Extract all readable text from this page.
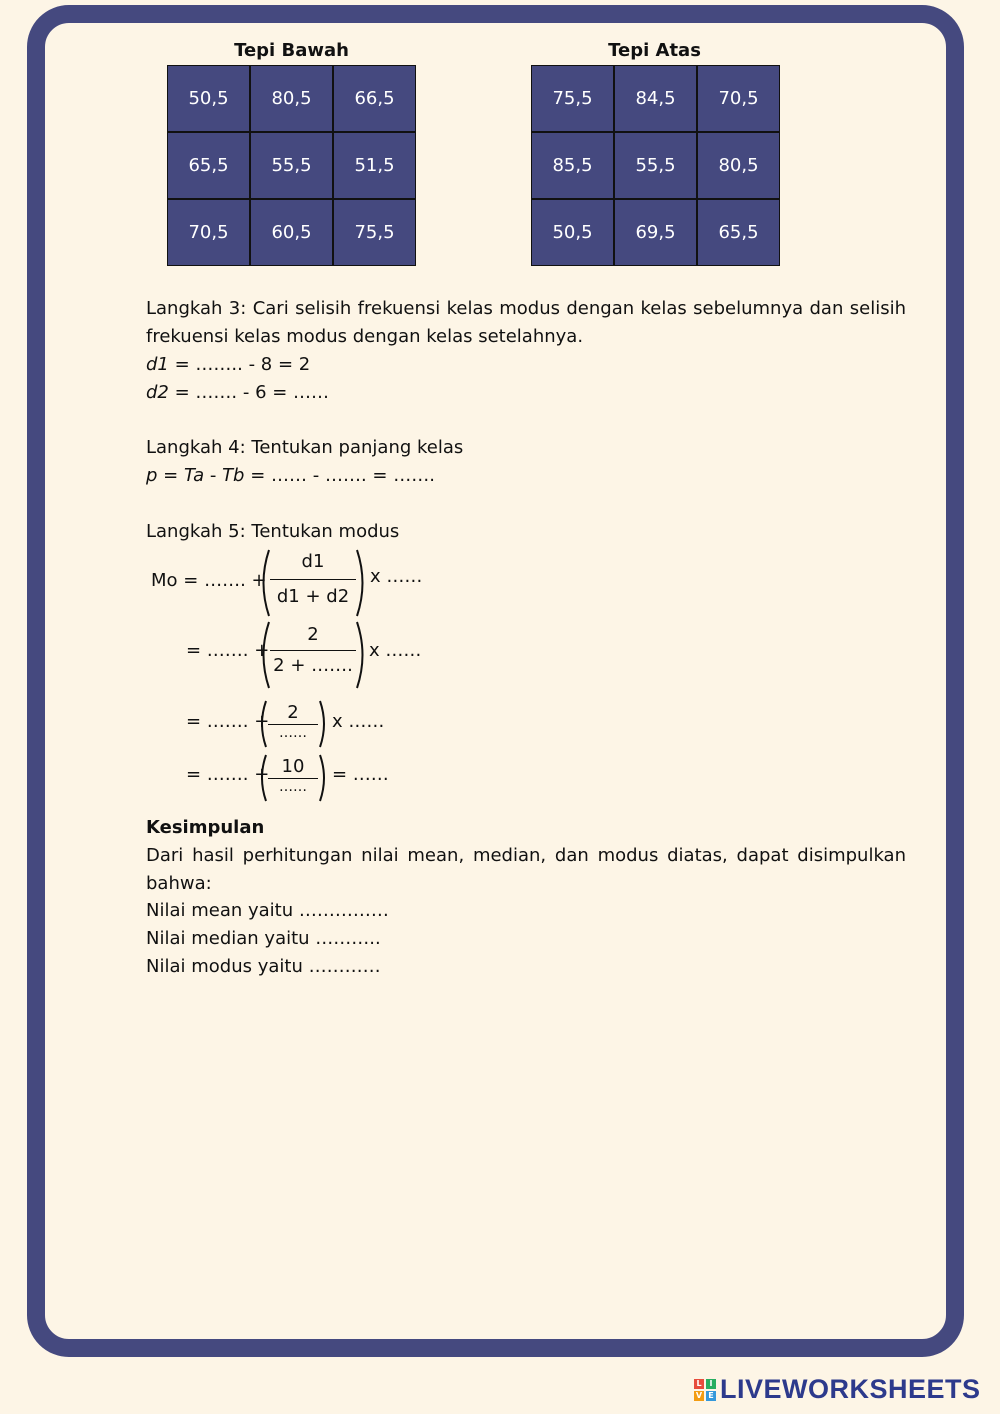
Tepi Bawah
50,5	80,5	66,5
65,5	55,5	51,5
70,5	60,5	75,5
Tepi Atas
75,5	84,5	70,5
85,5	55,5	80,5
50,5	69,5	65,5
Langkah 3: Cari selisih frekuensi kelas modus dengan kelas sebelumnya dan selisih frekuensi kelas modus dengan kelas setelahnya.
d1 = …….. - 8 = 2
d2 = ……. - 6 = ……
Langkah 4: Tentukan panjang kelas
p = Ta - Tb = …… - ……. = …….
Langkah 5: Tentukan modus
Mo = ……. +
d1
d1 + d2
x ……
= ……. +
2
2 + …….
x ……
= ……. + 2
……
x ……
= ……. + 10
……
= ……
Kesimpulan
Dari hasil perhitungan nilai mean, median, dan modus diatas, dapat disimpulkan bahwa:
Nilai mean yaitu ……………
Nilai median yaitu ………..
Nilai modus yaitu …………
L I
V E LIVEWORKSHEETS
